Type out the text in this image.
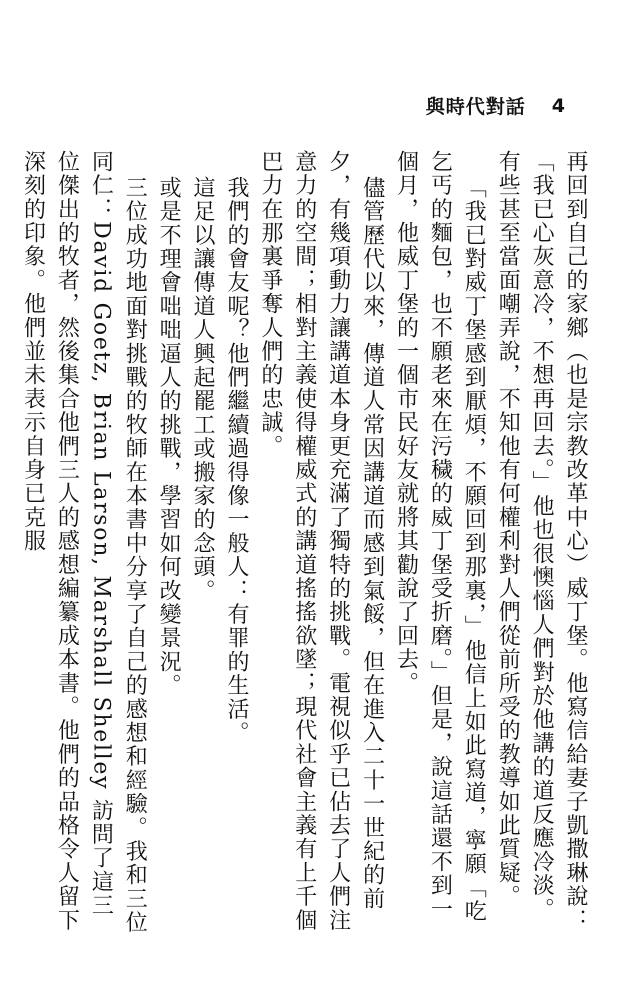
與時代對話 4

再回到自己的家鄉（也是宗教改革中心）威丁堡。他寫信給妻子凱撒琳說：「我已心灰意冷，不想再回去。」他也很懊惱人們對於他講的道反應冷淡。有些甚至當面嘲弄說，不知他有何權利對人們從前所受的教導如此質疑。

「我已對威丁堡感到厭煩，不願回到那裏，」他信上如此寫道，寧願「吃乞丐的麵包，也不願老來在污穢的威丁堡受折磨。」但是，說這話還不到一個月，他威丁堡的一個市民好友就將其勸說了回去。

儘管歷代以來，傳道人常因講道而感到氣餒，但在進入二十一世紀的前夕，有幾項動力讓講道本身更充滿了獨特的挑戰。電視似乎已佔去了人們注意力的空間；相對主義使得權威式的講道搖搖欲墜；現代社會主義有上千個巴力在那裏爭奪人們的忠誠。

我們的會友呢？他們繼續過得像一般人：有罪的生活。

這足以讓傳道人興起罷工或搬家的念頭。

或是不理會咄咄逼人的挑戰，學習如何改變景況。

三位成功地面對挑戰的牧師在本書中分享了自己的感想和經驗。我和三位同仁：David Goetz, Brian Larson, Marshall Shelley 訪問了這三位傑出的牧者，然後集合他們三人的感想編纂成本書。他們的品格令人留下深刻的印象。他們並未表示自身已克服
